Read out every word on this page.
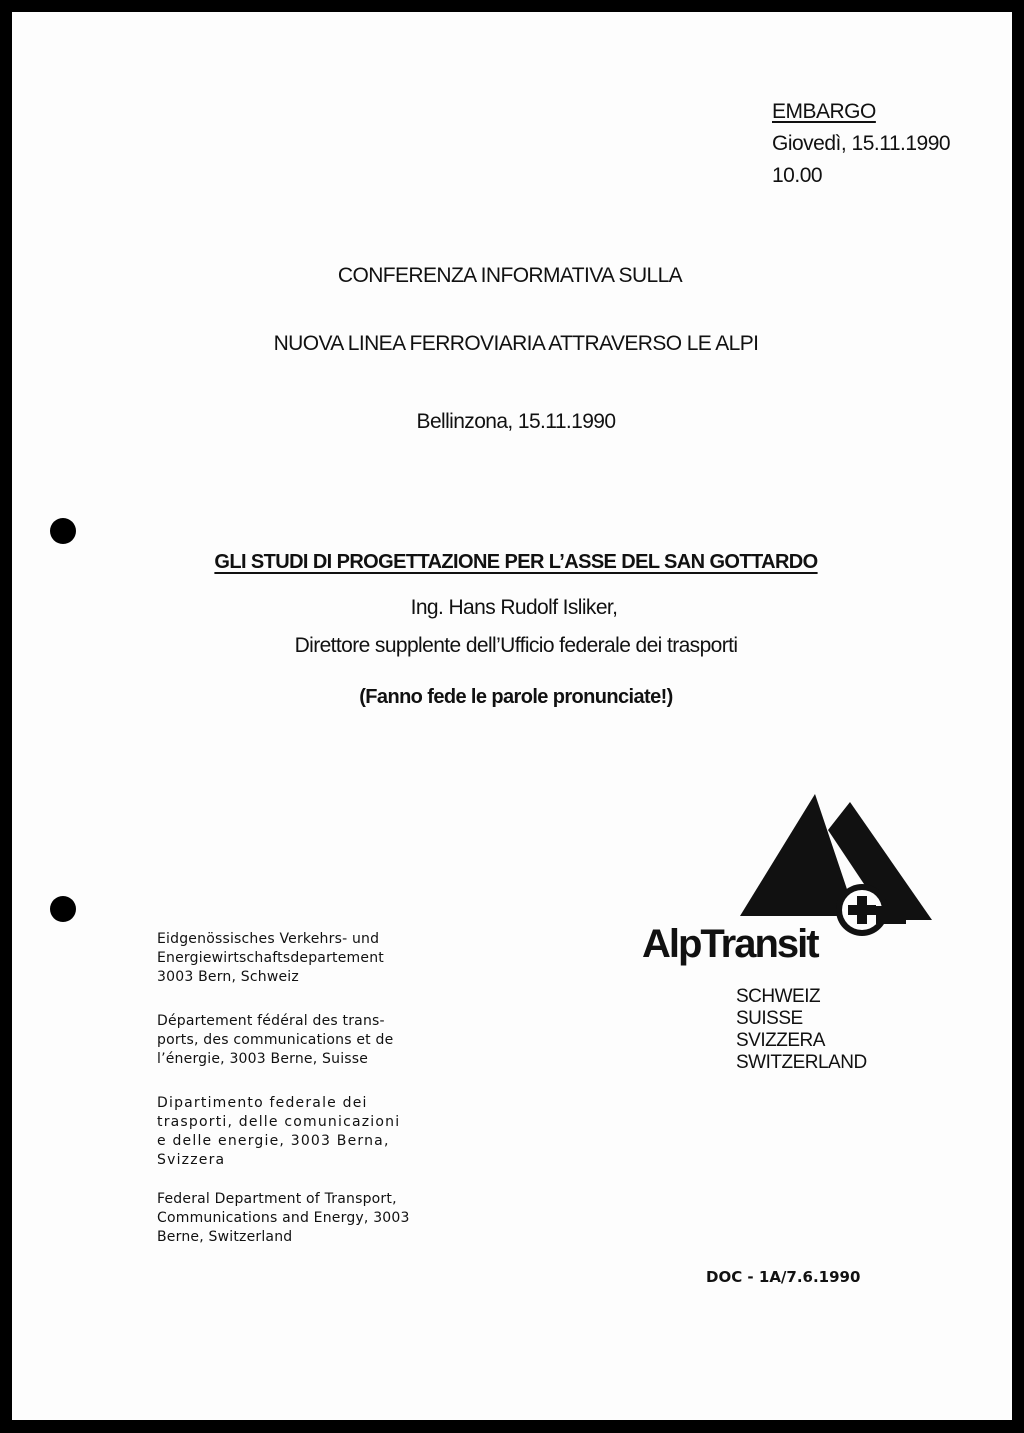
EMBARGO
Giovedì, 15.11.1990
10.00
CONFERENZA INFORMATIVA SULLA
NUOVA LINEA FERROVIARIA ATTRAVERSO LE ALPI
Bellinzona, 15.11.1990
GLI STUDI DI PROGETTAZIONE PER L’ASSE DEL SAN GOTTARDO
Ing. Hans Rudolf Isliker,
Direttore supplente dell’Ufficio federale dei trasporti
(Fanno fede le parole pronunciate!)
Eidgenössisches Verkehrs- und
Energiewirtschaftsdepartement
3003 Bern, Schweiz
Département fédéral des trans-
ports, des communications et de
l’énergie, 3003 Berne, Suisse
Dipartimento federale dei
trasporti, delle comunicazioni
e delle energie, 3003 Berna,
Svizzera
Federal Department of Transport,
Communications and Energy, 3003
Berne, Switzerland
AlpTransit
SCHWEIZ
SUISSE
SVIZZERA
SWITZERLAND
DOC - 1A/7.6.1990
